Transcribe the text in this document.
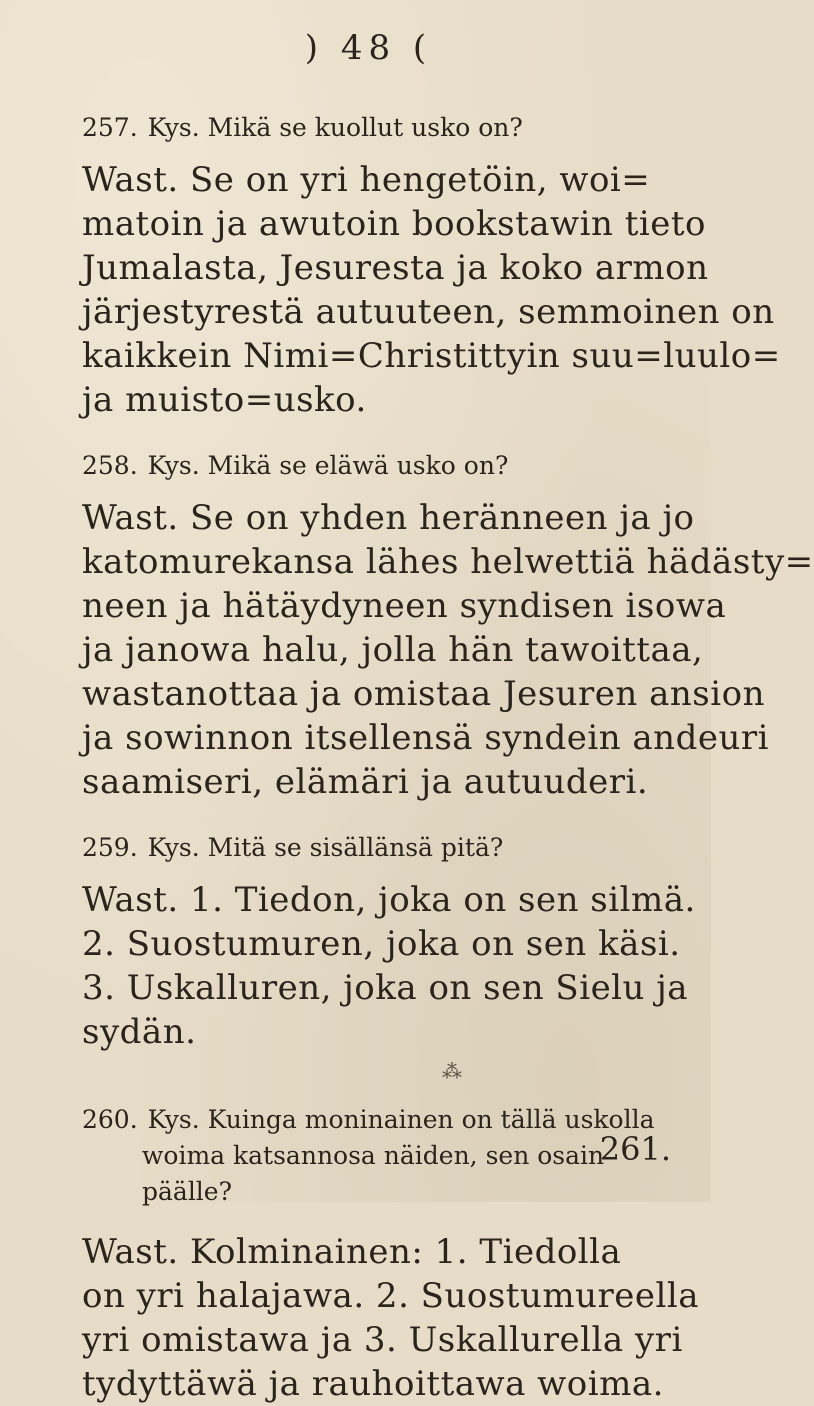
) 48 (
257. Kys. Mikä se kuollut usko on?
Wast. Se on yri hengetöin, woi=
matoin ja awutoin bookstawin tieto
Jumalasta, Jesuresta ja koko armon
järjestyrestä autuuteen, semmoinen on
kaikkein Nimi=Christittyin suu=luulo=
ja muisto=usko.
258. Kys. Mikä se eläwä usko on?
Wast. Se on yhden heränneen ja jo
katomurekansa lähes helwettiä hädästy=
neen ja hätäydyneen syndisen isowa
ja janowa halu, jolla hän tawoittaa,
wastanottaa ja omistaa Jesuren ansion
ja sowinnon itsellensä syndein andeuri
saamiseri, elämäri ja autuuderi.
259. Kys. Mitä se sisällänsä pitä?
Wast. 1. Tiedon, joka on sen silmä.
2. Suostumuren, joka on sen käsi.
3. Uskalluren, joka on sen Sielu ja
sydän.
⁂
260. Kys. Kuinga moninainen on tällä uskolla
woima katsannosa näiden, sen osain
päälle?
Wast. Kolminainen: 1. Tiedolla
on yri halajawa. 2. Suostumureella
yri omistawa ja 3. Uskallurella yri
tydyttäwä ja rauhoittawa woima.
261.
